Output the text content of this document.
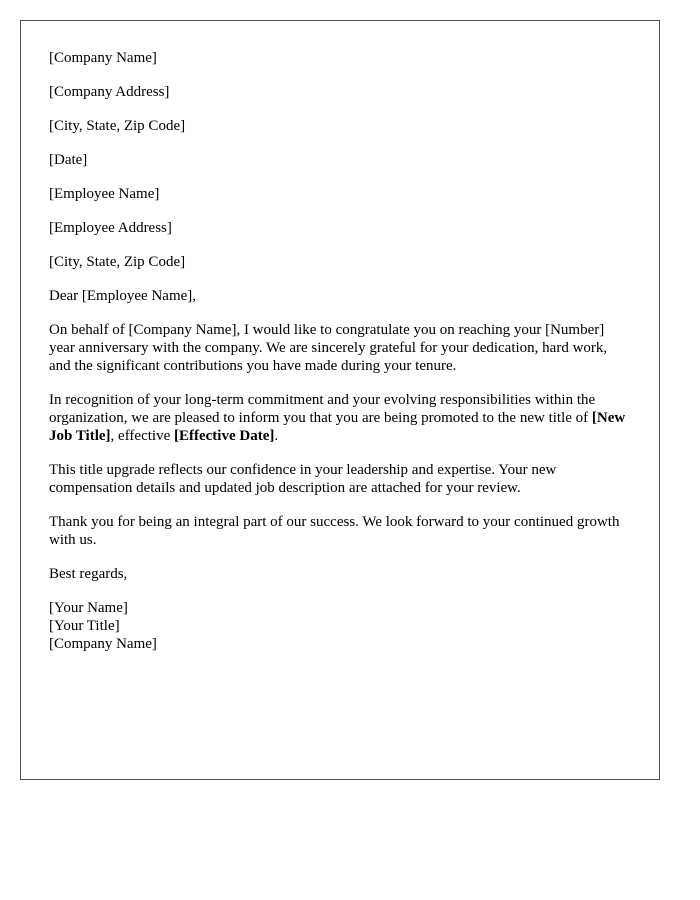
[Company Name]

[Company Address]

[City, State, Zip Code]

[Date]

[Employee Name]

[Employee Address]

[City, State, Zip Code]

Dear [Employee Name],

On behalf of [Company Name], I would like to congratulate you on reaching your [Number] year anniversary with the company. We are sincerely grateful for your dedication, hard work, and the significant contributions you have made during your tenure.

In recognition of your long-term commitment and your evolving responsibilities within the organization, we are pleased to inform you that you are being promoted to the new title of [New Job Title], effective [Effective Date].

This title upgrade reflects our confidence in your leadership and expertise. Your new compensation details and updated job description are attached for your review.

Thank you for being an integral part of our success. We look forward to your continued growth with us.

Best regards,

[Your Name]

[Your Title]

[Company Name]
